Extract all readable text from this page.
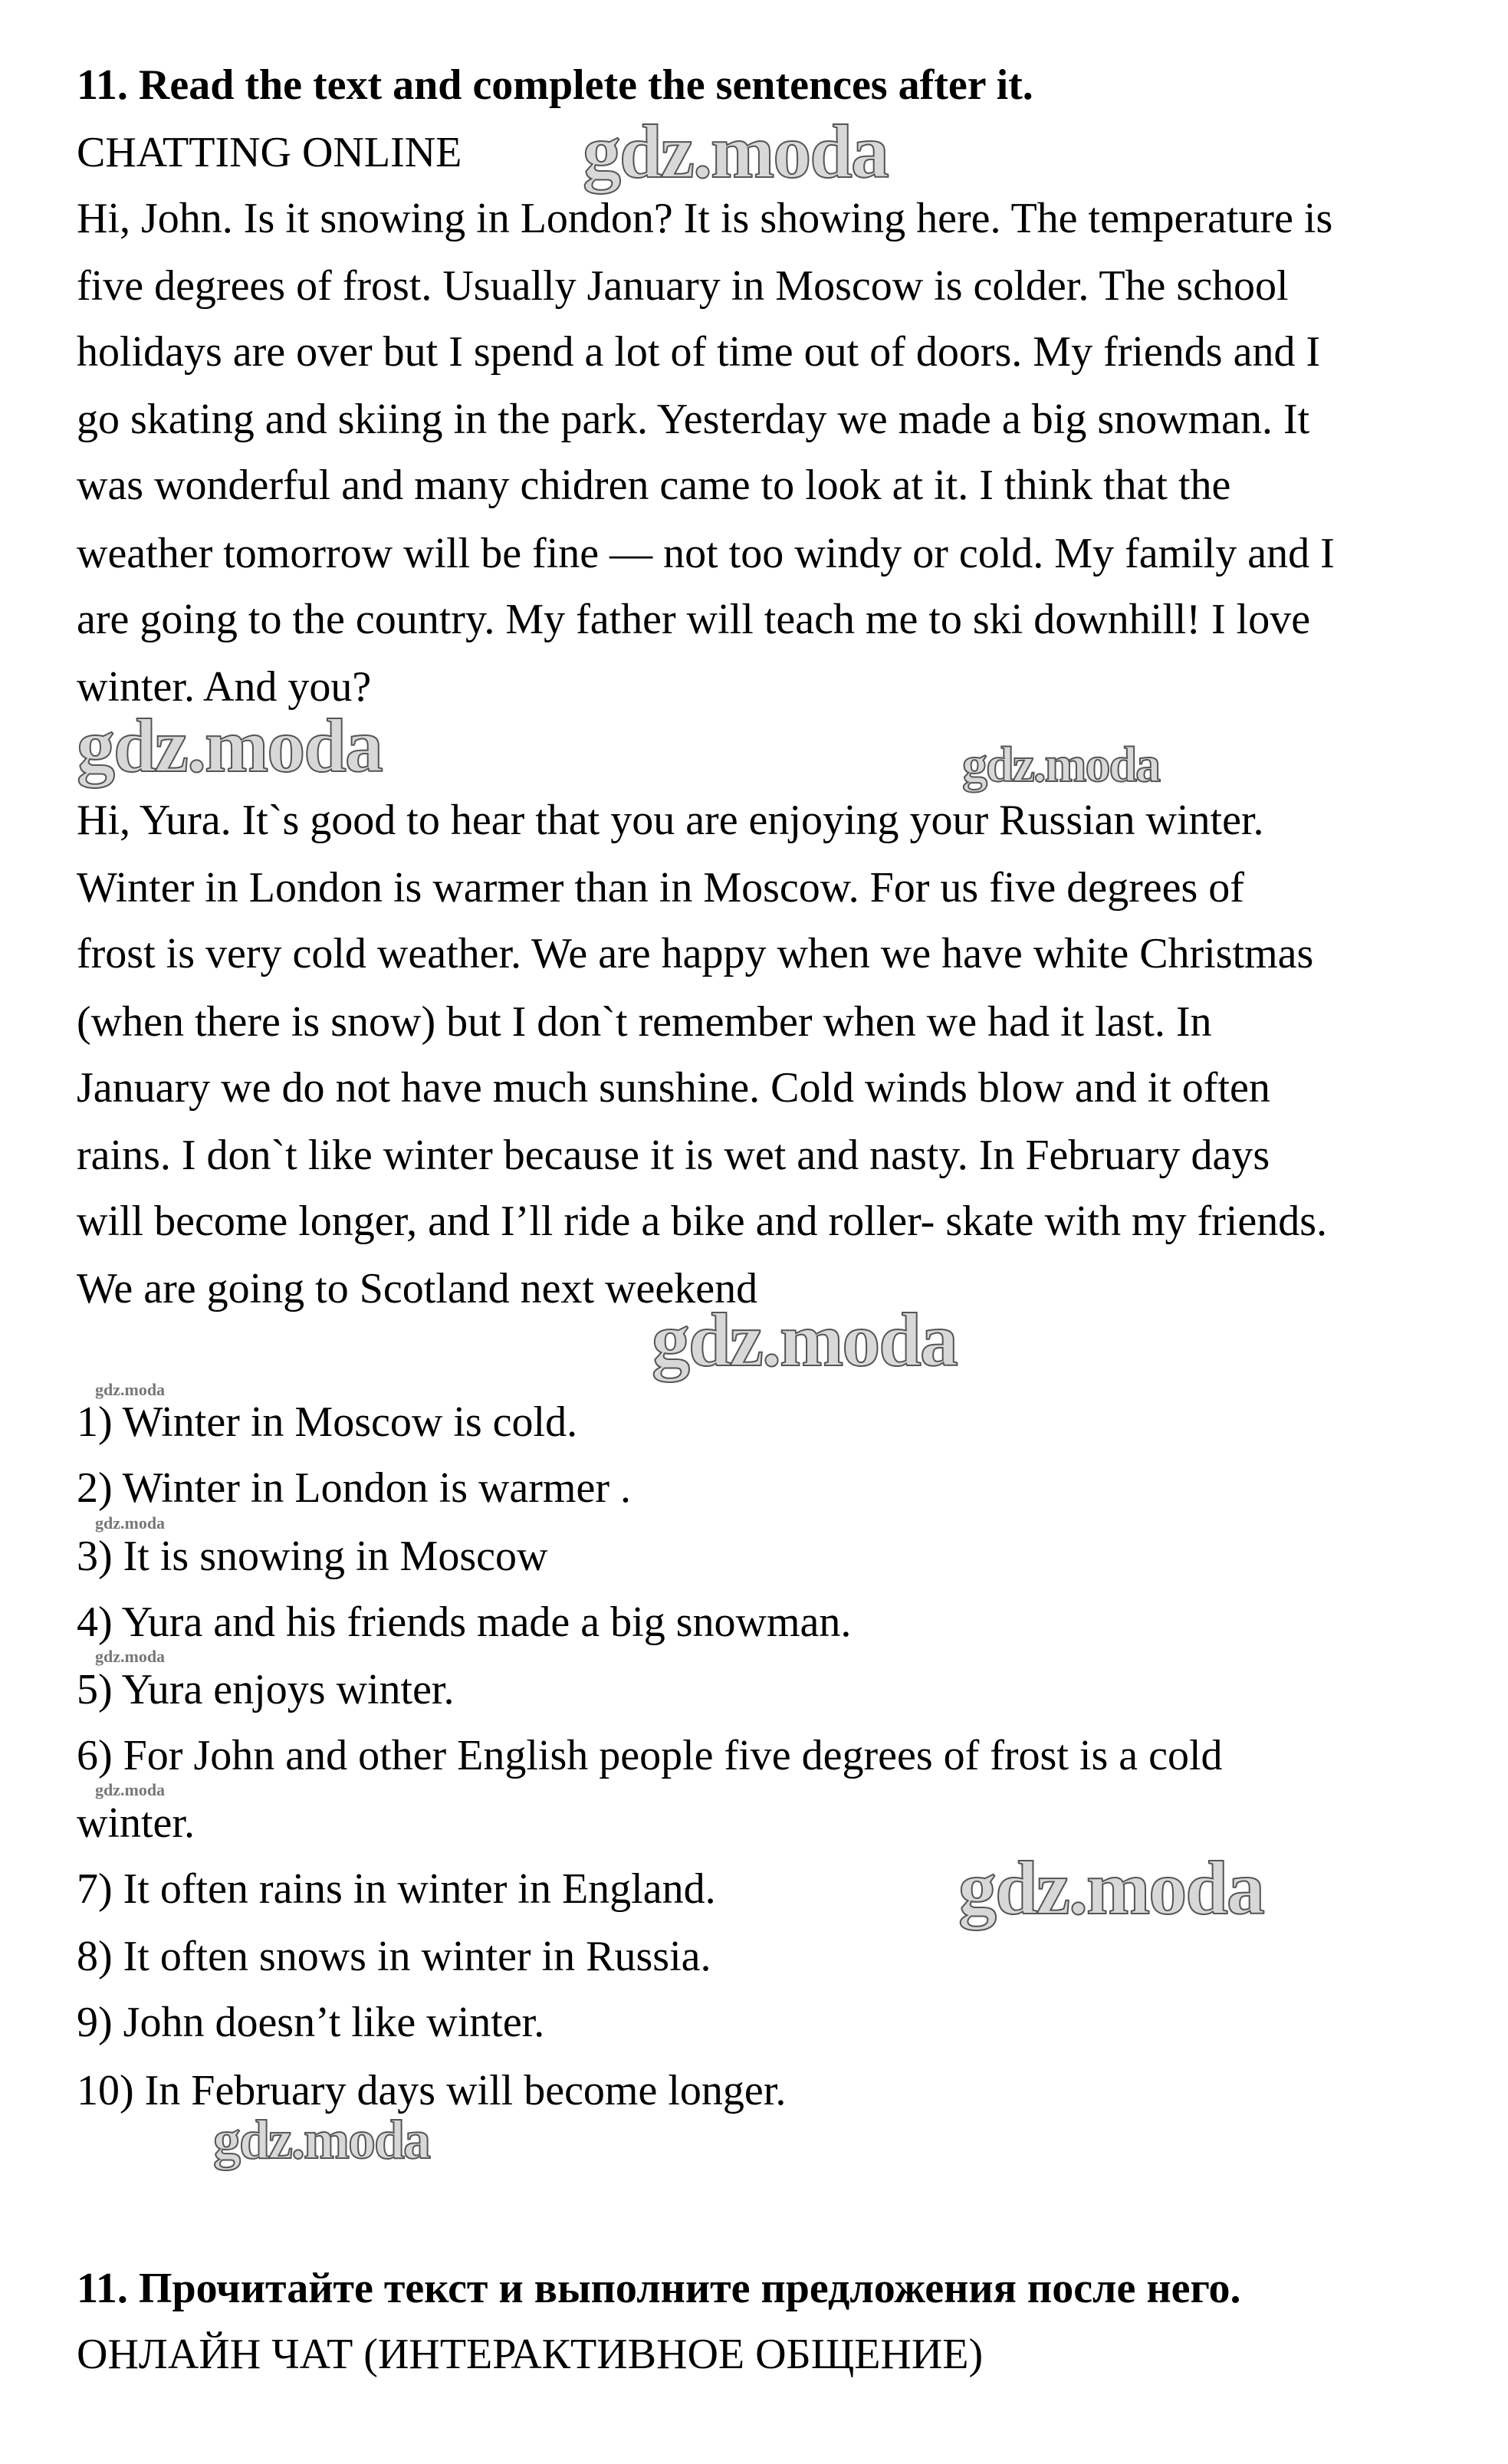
11. Read the text and complete the sentences after it.
CHATTING ONLINE gdz.moda
Hi, John. Is it snowing in London? It is showing here. The temperature is
five degrees of frost. Usually January in Moscow is colder. The school
holidays are over but I spend a lot of time out of doors. My friends and I
go skating and skiing in the park. Yesterday we made a big snowman. It
was wonderful and many chidren came to look at it. I think that the
weather tomorrow will be fine — not too windy or cold. My family and I
are going to the country. My father will teach me to ski downhill! I love
winter. And you?
gdz.moda	gdz.moda
Hi, Yura. It`s good to hear that you are enjoying your Russian winter.
Winter in London is warmer than in Moscow. For us five degrees of
frost is very cold weather. We are happy when we have white Christmas
(when there is snow) but I don`t remember when we had it last. In
January we do not have much sunshine. Cold winds blow and it often
rains. I don`t like winter because it is wet and nasty. In February days
will become longer, and I’ll ride a bike and roller- skate with my friends.
We are going to Scotland next weekend
gdz.moda
gdz.moda
1) Winter in Moscow is cold.
2) Winter in London is warmer .
gdz.moda
3) It is snowing in Moscow
4) Yura and his friends made a big snowman.
gdz.moda
5) Yura enjoys winter.
6) For John and other English people five degrees of frost is a cold
gdz.moda
winter.
7) It often rains in winter in England.	gdz.moda
8) It often snows in winter in Russia.
9) John doesn’t like winter.
10) In February days will become longer.
gdz.moda
11. Прочитайте текст и выполните предложения после него.
ОНЛАЙН ЧАТ (ИНТЕРАКТИВНОЕ ОБЩЕНИЕ)
